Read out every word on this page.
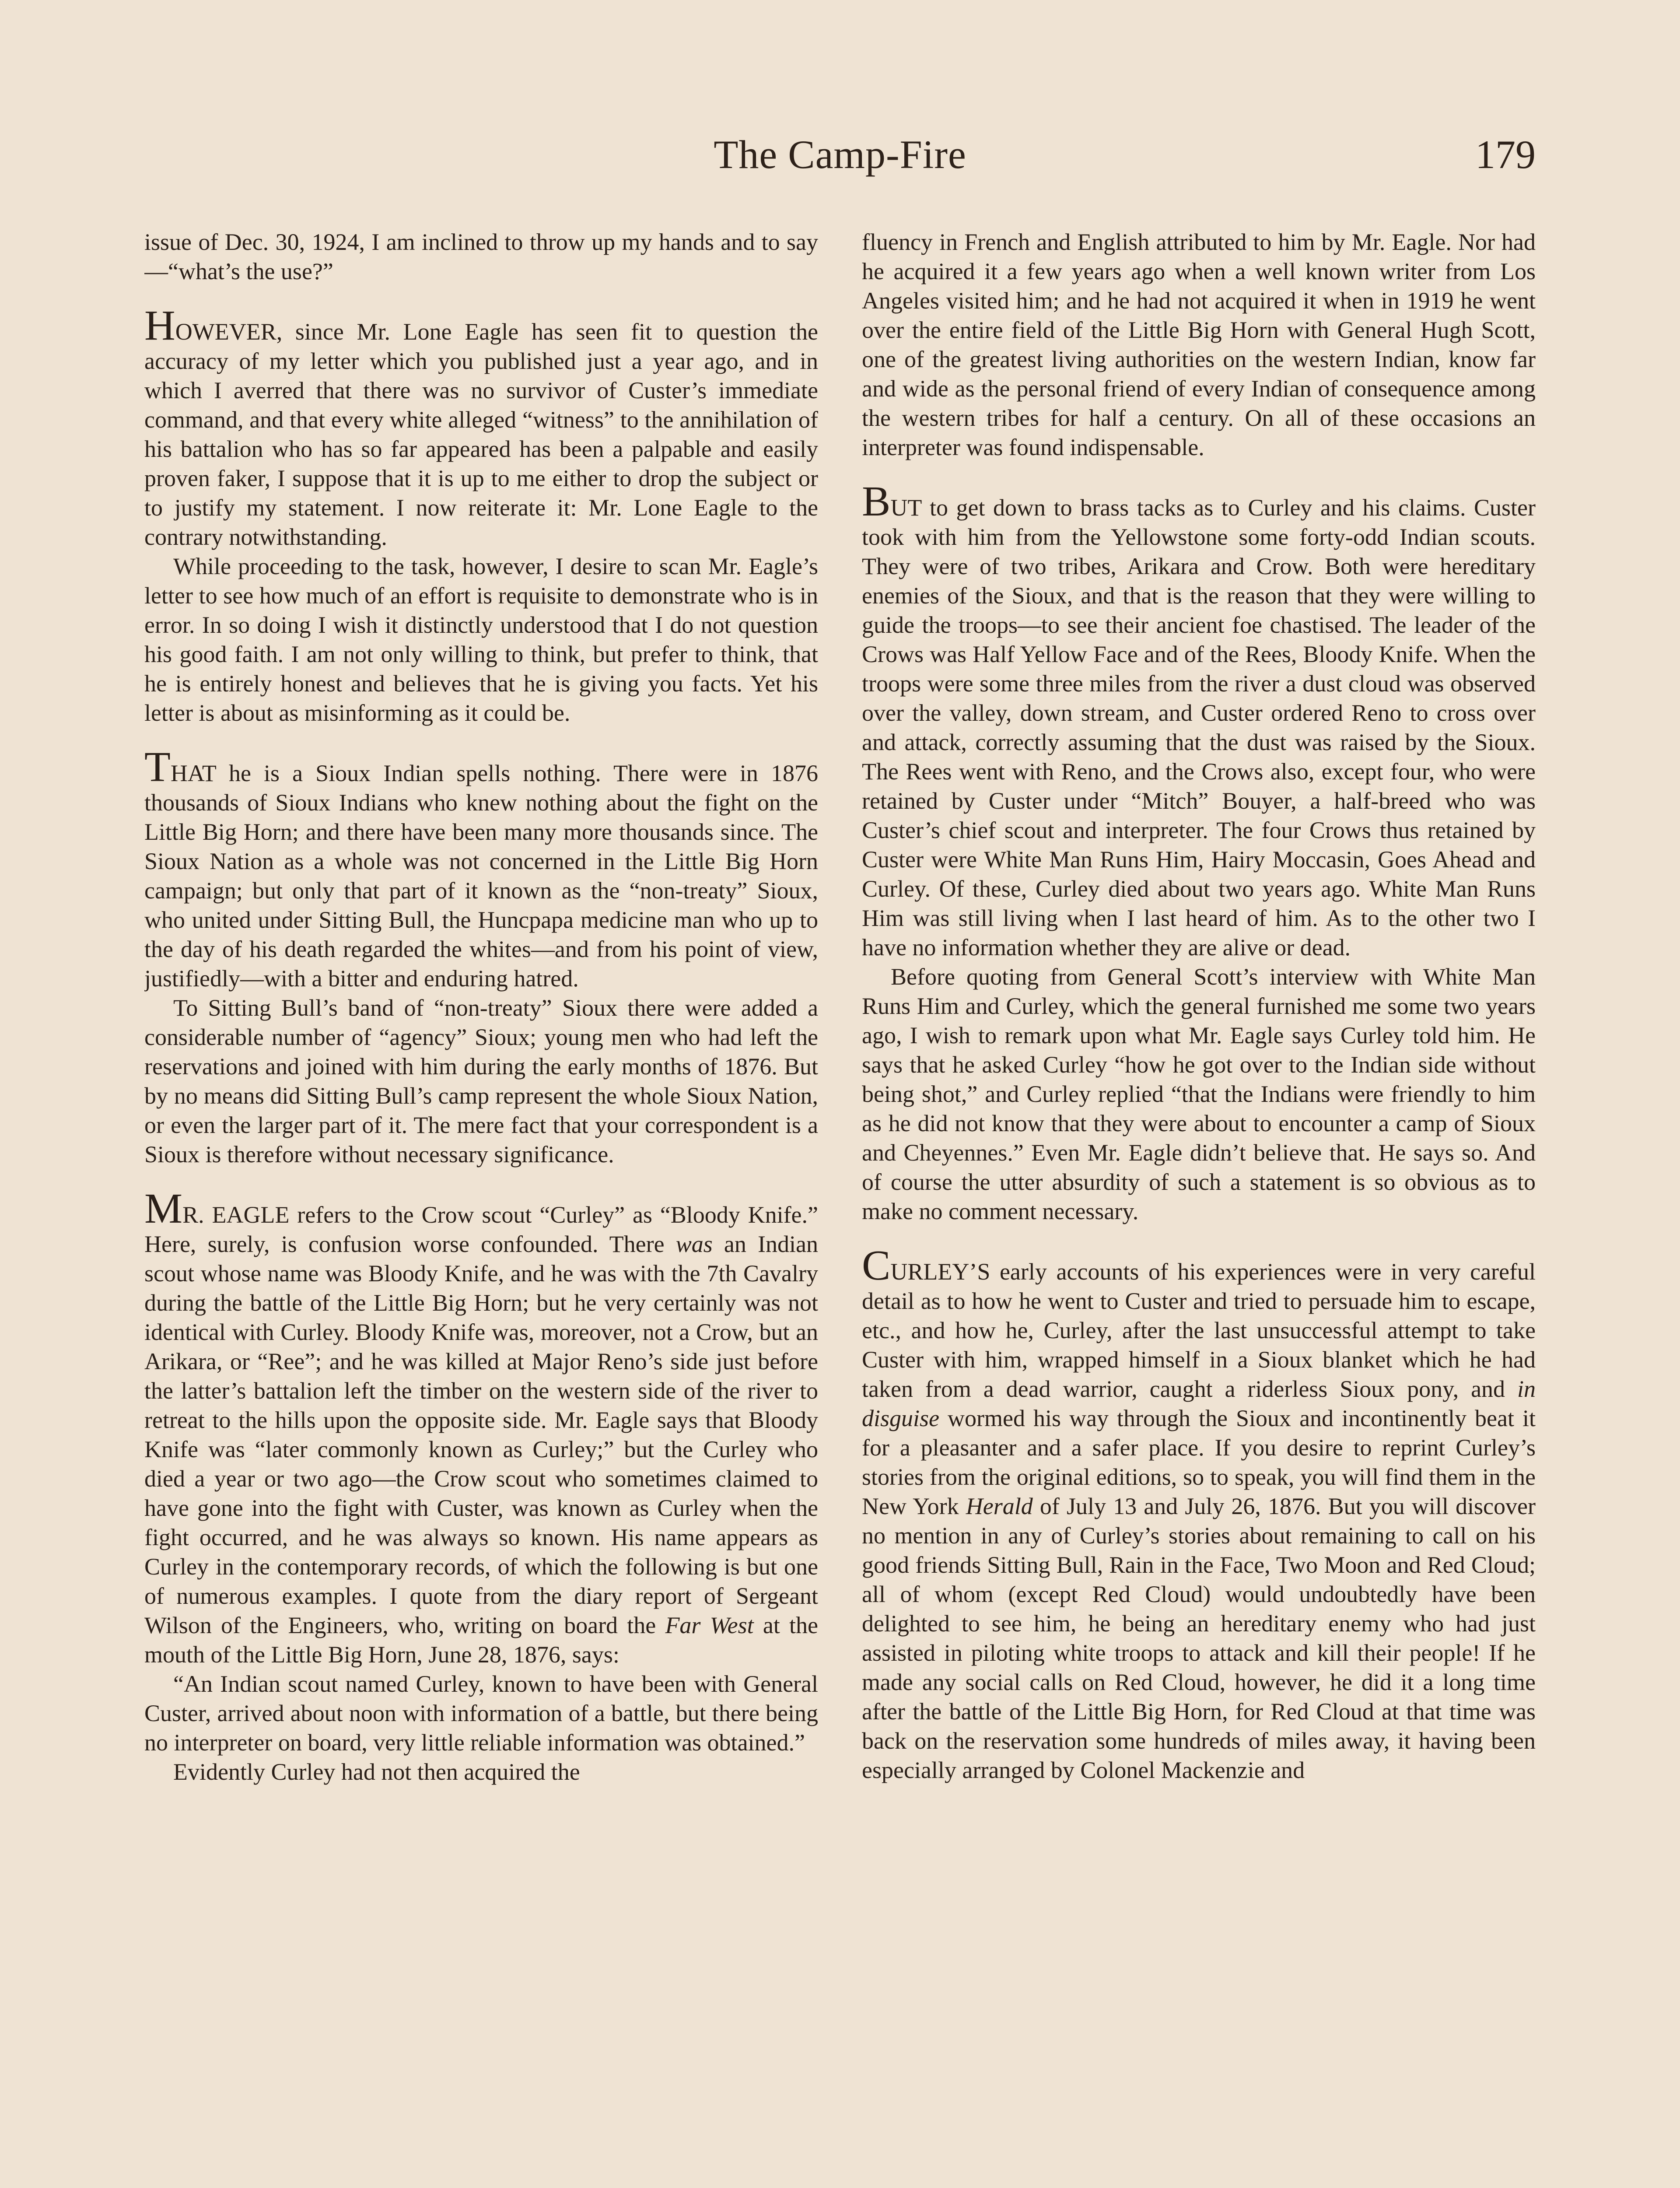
The Camp-Fire	179

issue of Dec. 30, 1924, I am inclined to throw up my hands and to say—“what’s the use?”

HOWEVER, since Mr. Lone Eagle has seen fit to question the accuracy of my letter which you published just a year ago, and in which I averred that there was no survivor of Custer’s immediate command, and that every white alleged “witness” to the annihilation of his battalion who has so far appeared has been a palpable and easily proven faker, I suppose that it is up to me either to drop the subject or to justify my statement. I now reiterate it: Mr. Lone Eagle to the contrary notwithstanding.

While proceeding to the task, however, I desire to scan Mr. Eagle’s letter to see how much of an effort is requisite to demonstrate who is in error. In so doing I wish it distinctly understood that I do not question his good faith. I am not only willing to think, but prefer to think, that he is entirely honest and believes that he is giving you facts. Yet his letter is about as misinforming as it could be.

THAT he is a Sioux Indian spells nothing. There were in 1876 thousands of Sioux Indians who knew nothing about the fight on the Little Big Horn; and there have been many more thousands since. The Sioux Nation as a whole was not concerned in the Little Big Horn campaign; but only that part of it known as the “non-treaty” Sioux, who united under Sitting Bull, the Huncpapa medicine man who up to the day of his death regarded the whites—and from his point of view, justifiedly—with a bitter and enduring hatred.

To Sitting Bull’s band of “non-treaty” Sioux there were added a considerable number of “agency” Sioux; young men who had left the reservations and joined with him during the early months of 1876. But by no means did Sitting Bull’s camp represent the whole Sioux Nation, or even the larger part of it. The mere fact that your correspondent is a Sioux is therefore without necessary significance.

MR. EAGLE refers to the Crow scout “Curley” as “Bloody Knife.” Here, surely, is confusion worse confounded. There was an Indian scout whose name was Bloody Knife, and he was with the 7th Cavalry during the battle of the Little Big Horn; but he very certainly was not identical with Curley. Bloody Knife was, moreover, not a Crow, but an Arikara, or “Ree”; and he was killed at Major Reno’s side just before the latter’s battalion left the timber on the western side of the river to retreat to the hills upon the opposite side. Mr. Eagle says that Bloody Knife was “later commonly known as Curley;” but the Curley who died a year or two ago—the Crow scout who sometimes claimed to have gone into the fight with Custer, was known as Curley when the fight occurred, and he was always so known. His name appears as Curley in the contemporary records, of which the following is but one of numerous examples. I quote from the diary report of Sergeant Wilson of the Engineers, who, writing on board the Far West at the mouth of the Little Big Horn, June 28, 1876, says:

“An Indian scout named Curley, known to have been with General Custer, arrived about noon with information of a battle, but there being no interpreter on board, very little reliable information was obtained.”

Evidently Curley had not then acquired the

fluency in French and English attributed to him by Mr. Eagle. Nor had he acquired it a few years ago when a well known writer from Los Angeles visited him; and he had not acquired it when in 1919 he went over the entire field of the Little Big Horn with General Hugh Scott, one of the greatest living authorities on the western Indian, know far and wide as the personal friend of every Indian of consequence among the western tribes for half a century. On all of these occasions an interpreter was found indispensable.

BUT to get down to brass tacks as to Curley and his claims. Custer took with him from the Yellowstone some forty-odd Indian scouts. They were of two tribes, Arikara and Crow. Both were hereditary enemies of the Sioux, and that is the reason that they were willing to guide the troops—to see their ancient foe chastised. The leader of the Crows was Half Yellow Face and of the Rees, Bloody Knife. When the troops were some three miles from the river a dust cloud was observed over the valley, down stream, and Custer ordered Reno to cross over and attack, correctly assuming that the dust was raised by the Sioux. The Rees went with Reno, and the Crows also, except four, who were retained by Custer under “Mitch” Bouyer, a half-breed who was Custer’s chief scout and interpreter. The four Crows thus retained by Custer were White Man Runs Him, Hairy Moccasin, Goes Ahead and Curley. Of these, Curley died about two years ago. White Man Runs Him was still living when I last heard of him. As to the other two I have no information whether they are alive or dead.

Before quoting from General Scott’s interview with White Man Runs Him and Curley, which the general furnished me some two years ago, I wish to remark upon what Mr. Eagle says Curley told him. He says that he asked Curley “how he got over to the Indian side without being shot,” and Curley replied “that the Indians were friendly to him as he did not know that they were about to encounter a camp of Sioux and Cheyennes.” Even Mr. Eagle didn’t believe that. He says so. And of course the utter absurdity of such a statement is so obvious as to make no comment necessary.

CURLEY’S early accounts of his experiences were in very careful detail as to how he went to Custer and tried to persuade him to escape, etc., and how he, Curley, after the last unsuccessful attempt to take Custer with him, wrapped himself in a Sioux blanket which he had taken from a dead warrior, caught a riderless Sioux pony, and in disguise wormed his way through the Sioux and incontinently beat it for a pleasanter and a safer place. If you desire to reprint Curley’s stories from the original editions, so to speak, you will find them in the New York Herald of July 13 and July 26, 1876. But you will discover no mention in any of Curley’s stories about remaining to call on his good friends Sitting Bull, Rain in the Face, Two Moon and Red Cloud; all of whom (except Red Cloud) would undoubtedly have been delighted to see him, he being an hereditary enemy who had just assisted in piloting white troops to attack and kill their people! If he made any social calls on Red Cloud, however, he did it a long time after the battle of the Little Big Horn, for Red Cloud at that time was back on the reservation some hundreds of miles away, it having been especially arranged by Colonel Mackenzie and
